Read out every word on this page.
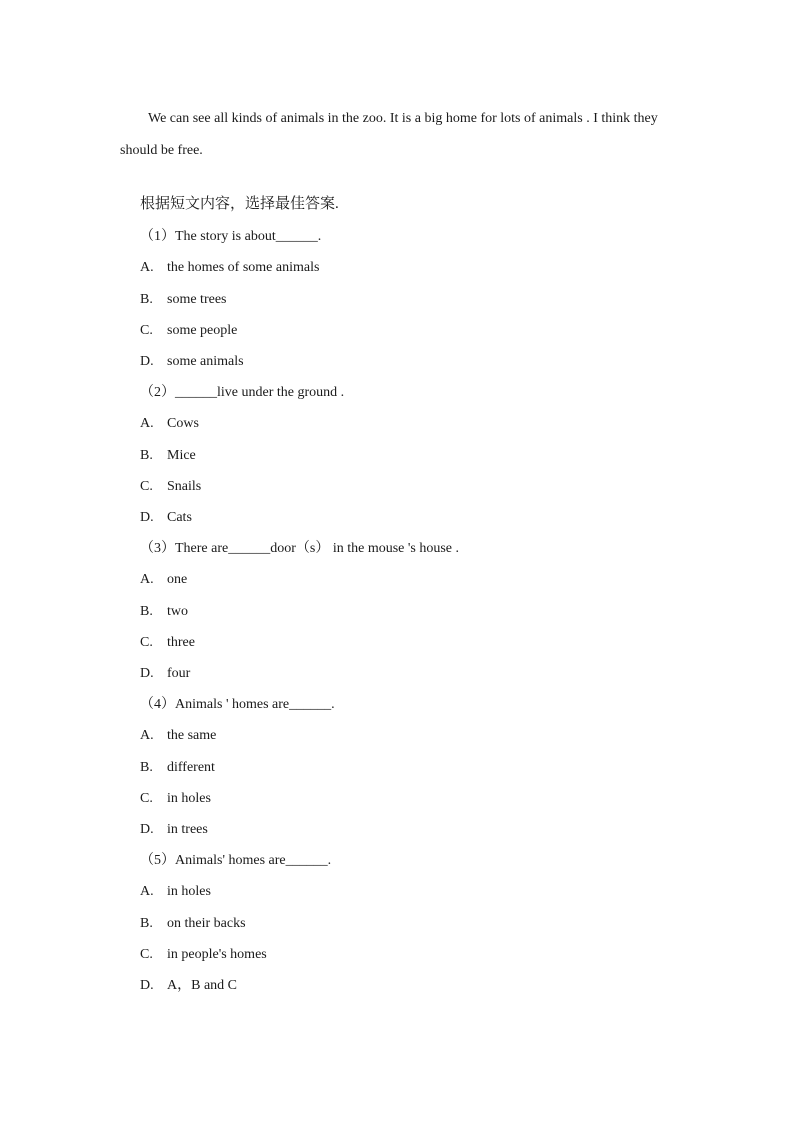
We can see all kinds of animals in the zoo. It is a big home for lots of animals . I think they should be free.
根据短文内容，选择最佳答案.
（1）The story is about______.
A. the homes of some animals
B. some trees
C. some people
D. some animals
（2）______live under the ground .
A. Cows
B. Mice
C. Snails
D. Cats
（3）There are______door（s） in the mouse 's house .
A. one
B. two
C. three
D. four
（4）Animals ' homes are______.
A. the same
B. different
C. in holes
D. in trees
（5）Animals' homes are______.
A. in holes
B. on their backs
C. in people's homes
D. A，B and C
